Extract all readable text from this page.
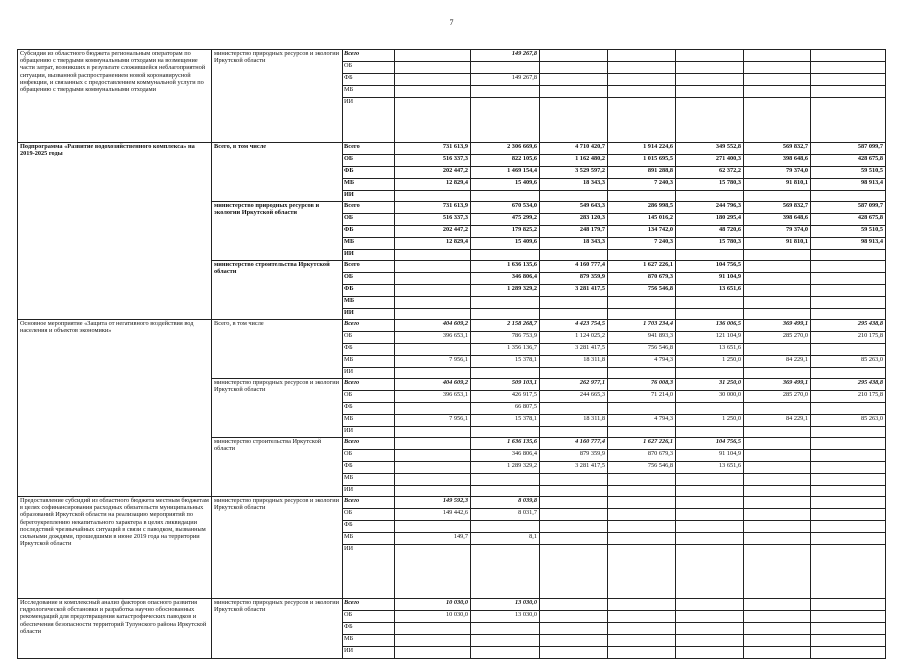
7
Субсидия из областного бюджета региональным операторам по обращению с твердыми коммунальными отходами на возмещение части затрат, возникших в результате сложившейся неблагоприятной ситуации, вызванной распространением новой коронавирусной инфекции, и связанных с предоставлением коммунальной услуги по обращению с твердыми коммунальными отходами	министерство природных ресурсов и экологии Иркутской области	Всего		149 267,8					
		ОБ							
		ФБ		149 267,8					
		МБ							
		ИИ							
Подпрограмма «Развитие водохозяйственного комплекса» на 2019-2025 годы	Всего, в том числе	Всего	731 613,9	2 306 669,6	4 710 420,7	1 914 224,6	349 552,8	569 832,7	587 099,7
		ОБ	516 337,3	822 105,6	1 162 480,2	1 015 695,5	271 400,3	398 648,6	428 675,8
		ФБ	202 447,2	1 469 154,4	3 529 597,2	891 288,8	62 372,2	79 374,0	59 510,5
		МБ	12 829,4	15 409,6	18 343,3	7 240,3	15 780,3	91 810,1	98 913,4
		ИИ							
	министерство природных ресурсов и экологии Иркутской области	Всего	731 613,9	670 534,0	549 643,3	286 998,5	244 796,3	569 832,7	587 099,7
		ОБ	516 337,3	475 299,2	283 120,3	145 016,2	180 295,4	398 648,6	428 675,8
		ФБ	202 447,2	179 825,2	248 179,7	134 742,0	48 720,6	79 374,0	59 510,5
		МБ	12 829,4	15 409,6	18 343,3	7 240,3	15 780,3	91 810,1	98 913,4
		ИИ							
	министерство строительства Иркутской области	Всего		1 636 135,6	4 160 777,4	1 627 226,1	104 756,5		
		ОБ		346 806,4	879 359,9	870 679,3	91 104,9		
		ФБ		1 289 329,2	3 281 417,5	756 546,8	13 651,6		
		МБ							
		ИИ							
Основное мероприятие «Защита от негативного воздействия вод населения и объектов экономики»	Всего, в том числе	Всего	404 609,2	2 158 268,7	4 423 754,5	1 703 234,4	136 006,5	369 499,1	295 438,8
		ОБ	396 653,1	786 753,9	1 124 025,2	941 893,3	121 104,9	285 270,0	210 175,8
		ФБ		1 356 136,7	3 281 417,5	756 546,8	13 651,6		
		МБ	7 956,1	15 378,1	18 311,8	4 794,3	1 250,0	84 229,1	85 263,0
		ИИ							
	министерство природных ресурсов и экологии Иркутской области	Всего	404 609,2	509 103,1	262 977,1	76 008,3	31 250,0	369 499,1	295 438,8
		ОБ	396 653,1	426 917,5	244 665,3	71 214,0	30 000,0	285 270,0	210 175,8
		ФБ		66 807,5					
		МБ	7 956,1	15 378,1	18 311,8	4 794,3	1 250,0	84 229,1	85 263,0
		ИИ							
	министерство строительства Иркутской области	Всего		1 636 135,6	4 160 777,4	1 627 226,1	104 756,5		
		ОБ		346 806,4	879 359,9	870 679,3	91 104,9		
		ФБ		1 289 329,2	3 281 417,5	756 546,8	13 651,6		
		МБ							
		ИИ							
Предоставление субсидий из областного бюджета местным бюджетам в целях софинансирования расходных обязательств муниципальных образований Иркутской области на реализацию мероприятий по берегоукреплению некапитального характера в целях ликвидации последствий чрезвычайных ситуаций в связи с паводком, вызванным сильными дождями, прошедшими в июне 2019 года на территории Иркутской области	министерство природных ресурсов и экологии Иркутской области	Всего	149 592,3	8 039,8					
		ОБ	149 442,6	8 031,7					
		ФБ							
		МБ	149,7	8,1					
		ИИ							
Исследование и комплексный анализ факторов опасного развития гидрологической обстановки и разработка научно обоснованных рекомендаций для предотвращения катастрофических паводков и обеспечения безопасности территорий Тулунского района Иркутской области	министерство природных ресурсов и экологии Иркутской области	Всего	10 030,0	13 030,0					
		ОБ	10 030,0	13 030,0					
		ФБ							
		МБ							
		ИИ							
